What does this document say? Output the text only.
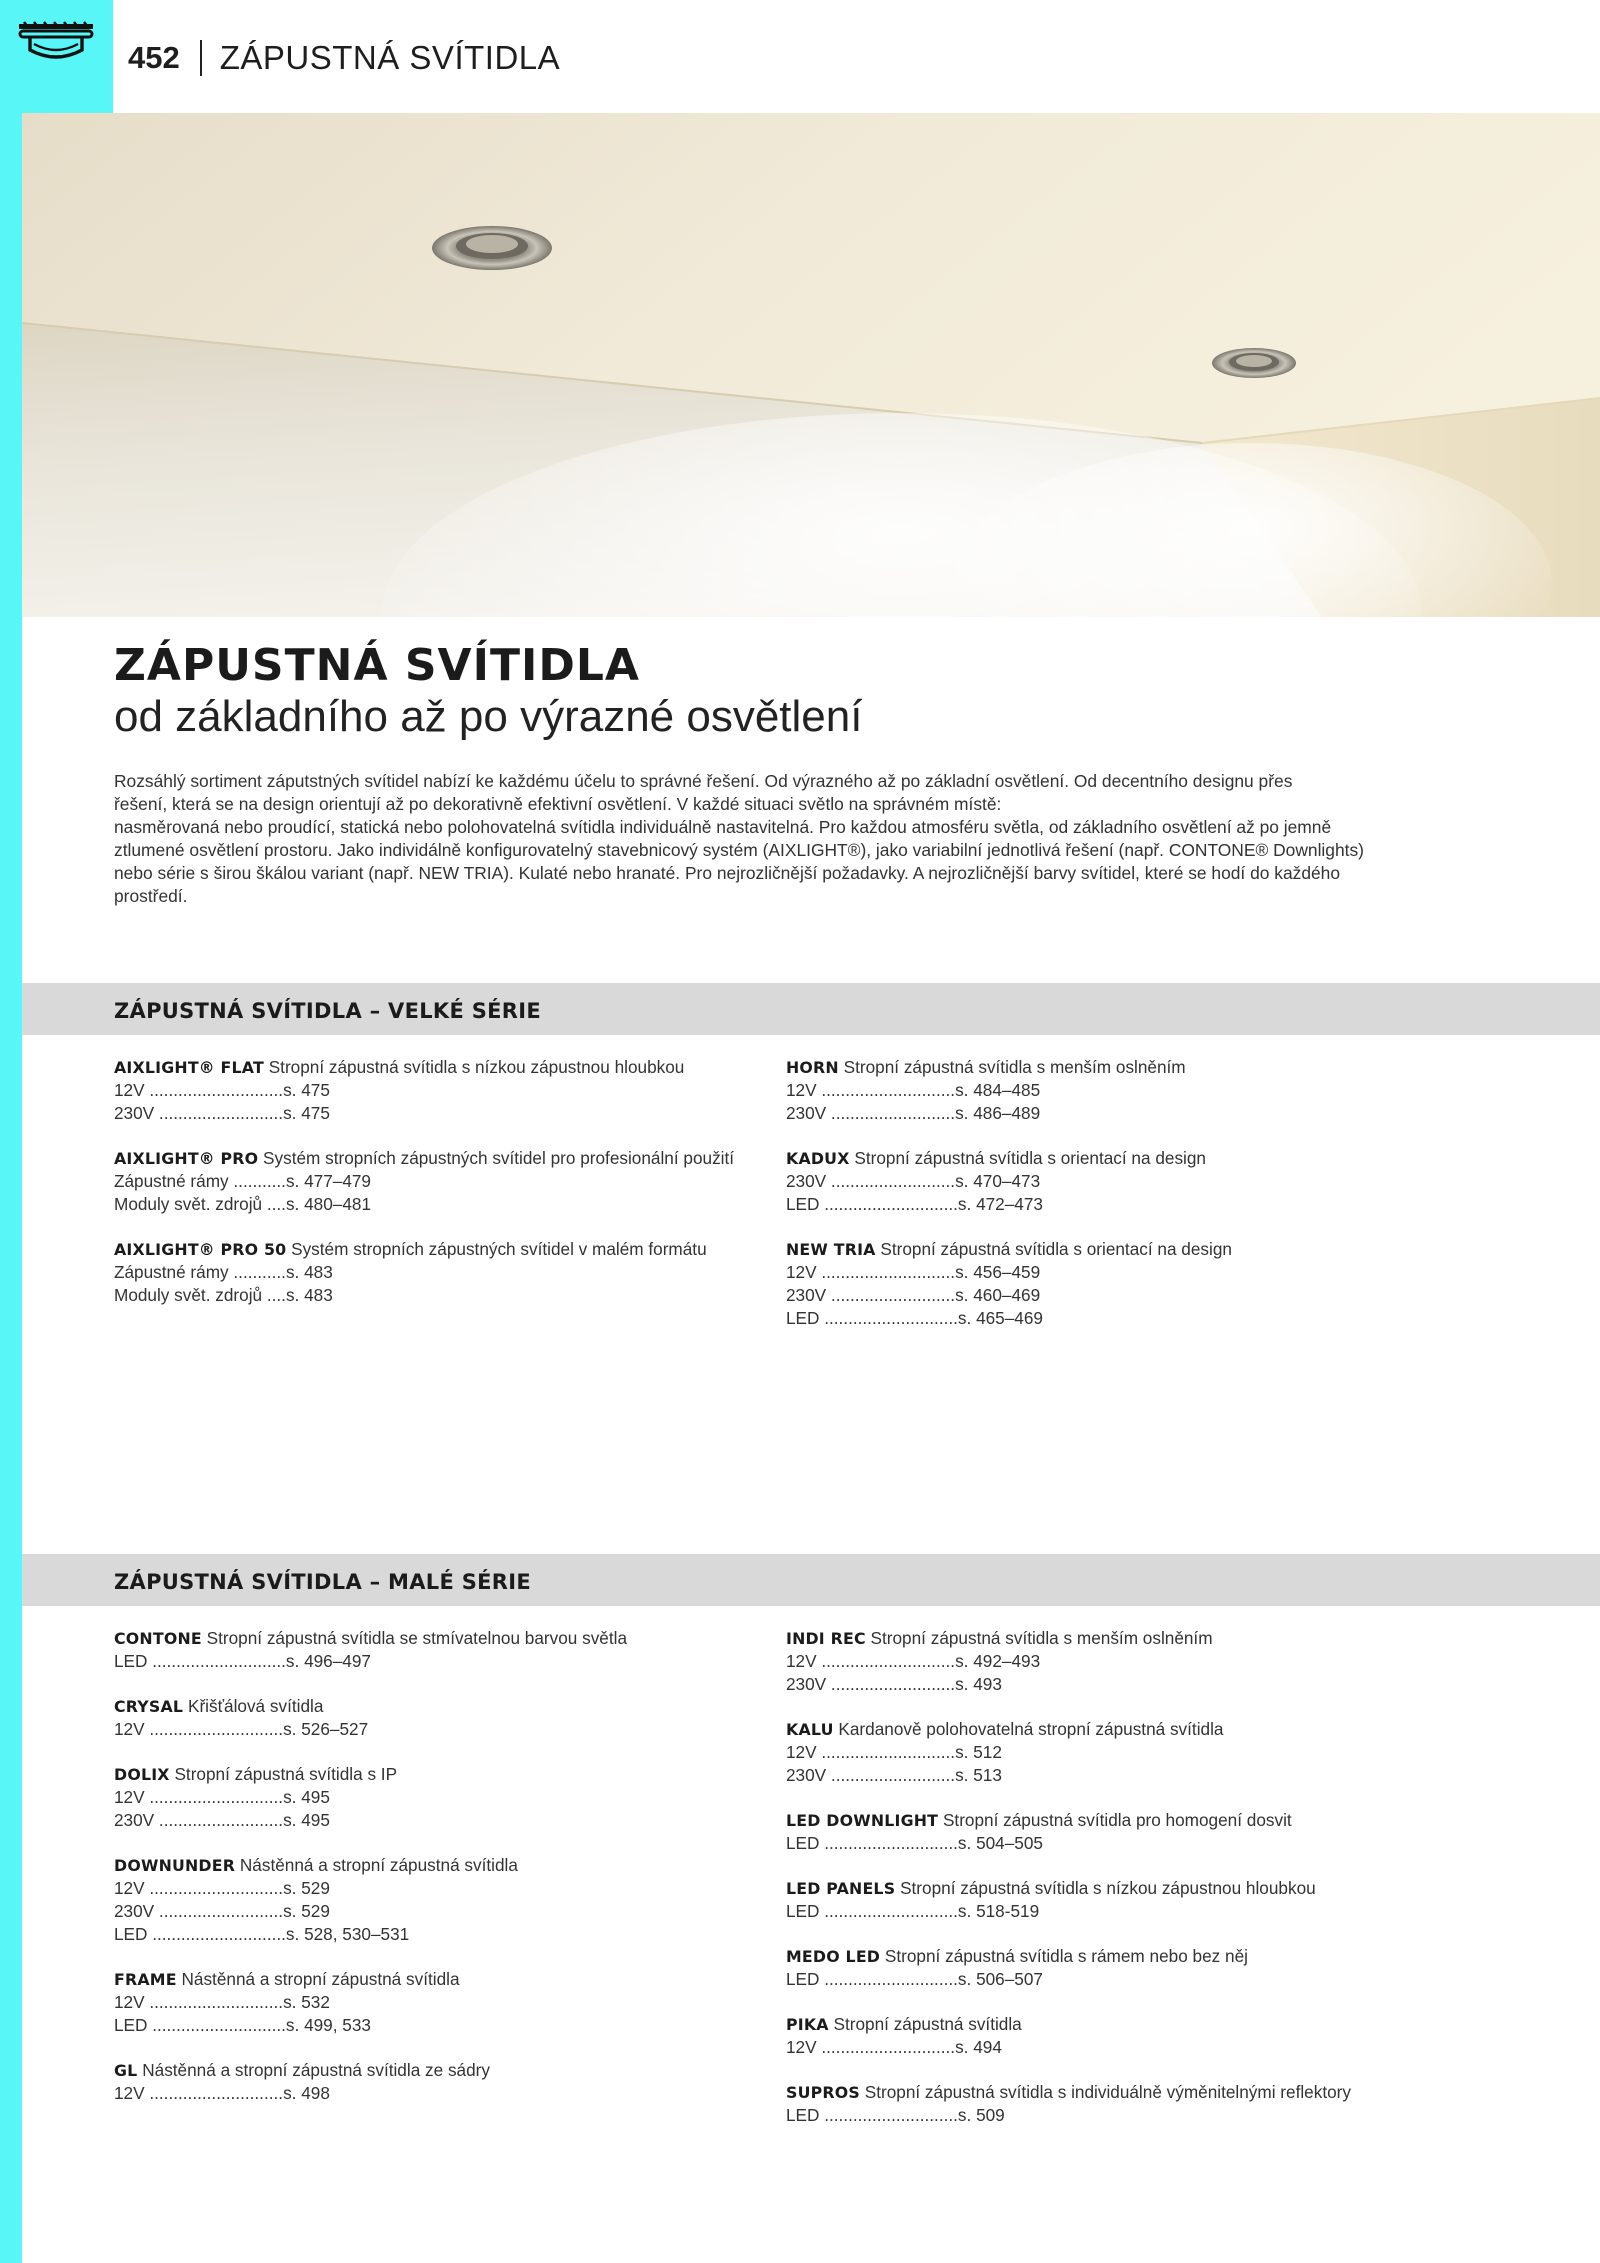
452 ZÁPUSTNÁ SVÍTIDLA
ZÁPUSTNÁ SVÍTIDLA
od základního až po výrazné osvětlení
Rozsáhlý sortiment záputstných svítidel nabízí ke každému účelu to správné řešení. Od výrazného až po základní osvětlení. Od decentního designu přes
řešení, která se na design orientují až po dekorativně efektivní osvětlení. V každé situaci světlo na správném místě:
nasměrovaná nebo proudící, statická nebo polohovatelná svítidla individuálně nastavitelná. Pro každou atmosféru světla, od základního osvětlení až po jemně
ztlumené osvětlení prostoru. Jako individálně konfigurovatelný stavebnicový systém (AIXLIGHT®), jako variabilní jednotlivá řešení (např. CONTONE® Downlights)
nebo série s širou škálou variant (např. NEW TRIA). Kulaté nebo hranaté. Pro nejrozličnější požadavky. A nejrozličnější barvy svítidel, které se hodí do každého
prostředí.
ZÁPUSTNÁ SVÍTIDLA – VELKÉ SÉRIE
AIXLIGHT® FLAT Stropní zápustná svítidla s nízkou zápustnou hloubkou
12V ............................s. 475
230V ..........................s. 475
AIXLIGHT® PRO Systém stropních zápustných svítidel pro profesionální použití
Zápustné rámy ...........s. 477–479
Moduly svět. zdrojů ....s. 480–481
AIXLIGHT® PRO 50 Systém stropních zápustných svítidel v malém formátu
Zápustné rámy ...........s. 483
Moduly svět. zdrojů ....s. 483
HORN Stropní zápustná svítidla s menším oslněním
12V ............................s. 484–485
230V ..........................s. 486–489
KADUX Stropní zápustná svítidla s orientací na design
230V ..........................s. 470–473
LED ............................s. 472–473
NEW TRIA Stropní zápustná svítidla s orientací na design
12V ............................s. 456–459
230V ..........................s. 460–469
LED ............................s. 465–469
ZÁPUSTNÁ SVÍTIDLA – MALÉ SÉRIE
CONTONE Stropní zápustná svítidla se stmívatelnou barvou světla
LED ............................s. 496–497
CRYSAL Křišťálová svítidla
12V ............................s. 526–527
DOLIX Stropní zápustná svítidla s IP
12V ............................s. 495
230V ..........................s. 495
DOWNUNDER Nástěnná a stropní zápustná svítidla
12V ............................s. 529
230V ..........................s. 529
LED ............................s. 528, 530–531
FRAME Nástěnná a stropní zápustná svítidla
12V ............................s. 532
LED ............................s. 499, 533
GL Nástěnná a stropní zápustná svítidla ze sádry
12V ............................s. 498
INDI REC Stropní zápustná svítidla s menším oslněním
12V ............................s. 492–493
230V ..........................s. 493
KALU Kardanově polohovatelná stropní zápustná svítidla
12V ............................s. 512
230V ..........................s. 513
LED DOWNLIGHT Stropní zápustná svítidla pro homogení dosvit
LED ............................s. 504–505
LED PANELS Stropní zápustná svítidla s nízkou zápustnou hloubkou
LED ............................s. 518-519
MEDO LED Stropní zápustná svítidla s rámem nebo bez něj
LED ............................s. 506–507
PIKA Stropní zápustná svítidla
12V ............................s. 494
SUPROS Stropní zápustná svítidla s individuálně výměnitelnými reflektory
LED ............................s. 509
